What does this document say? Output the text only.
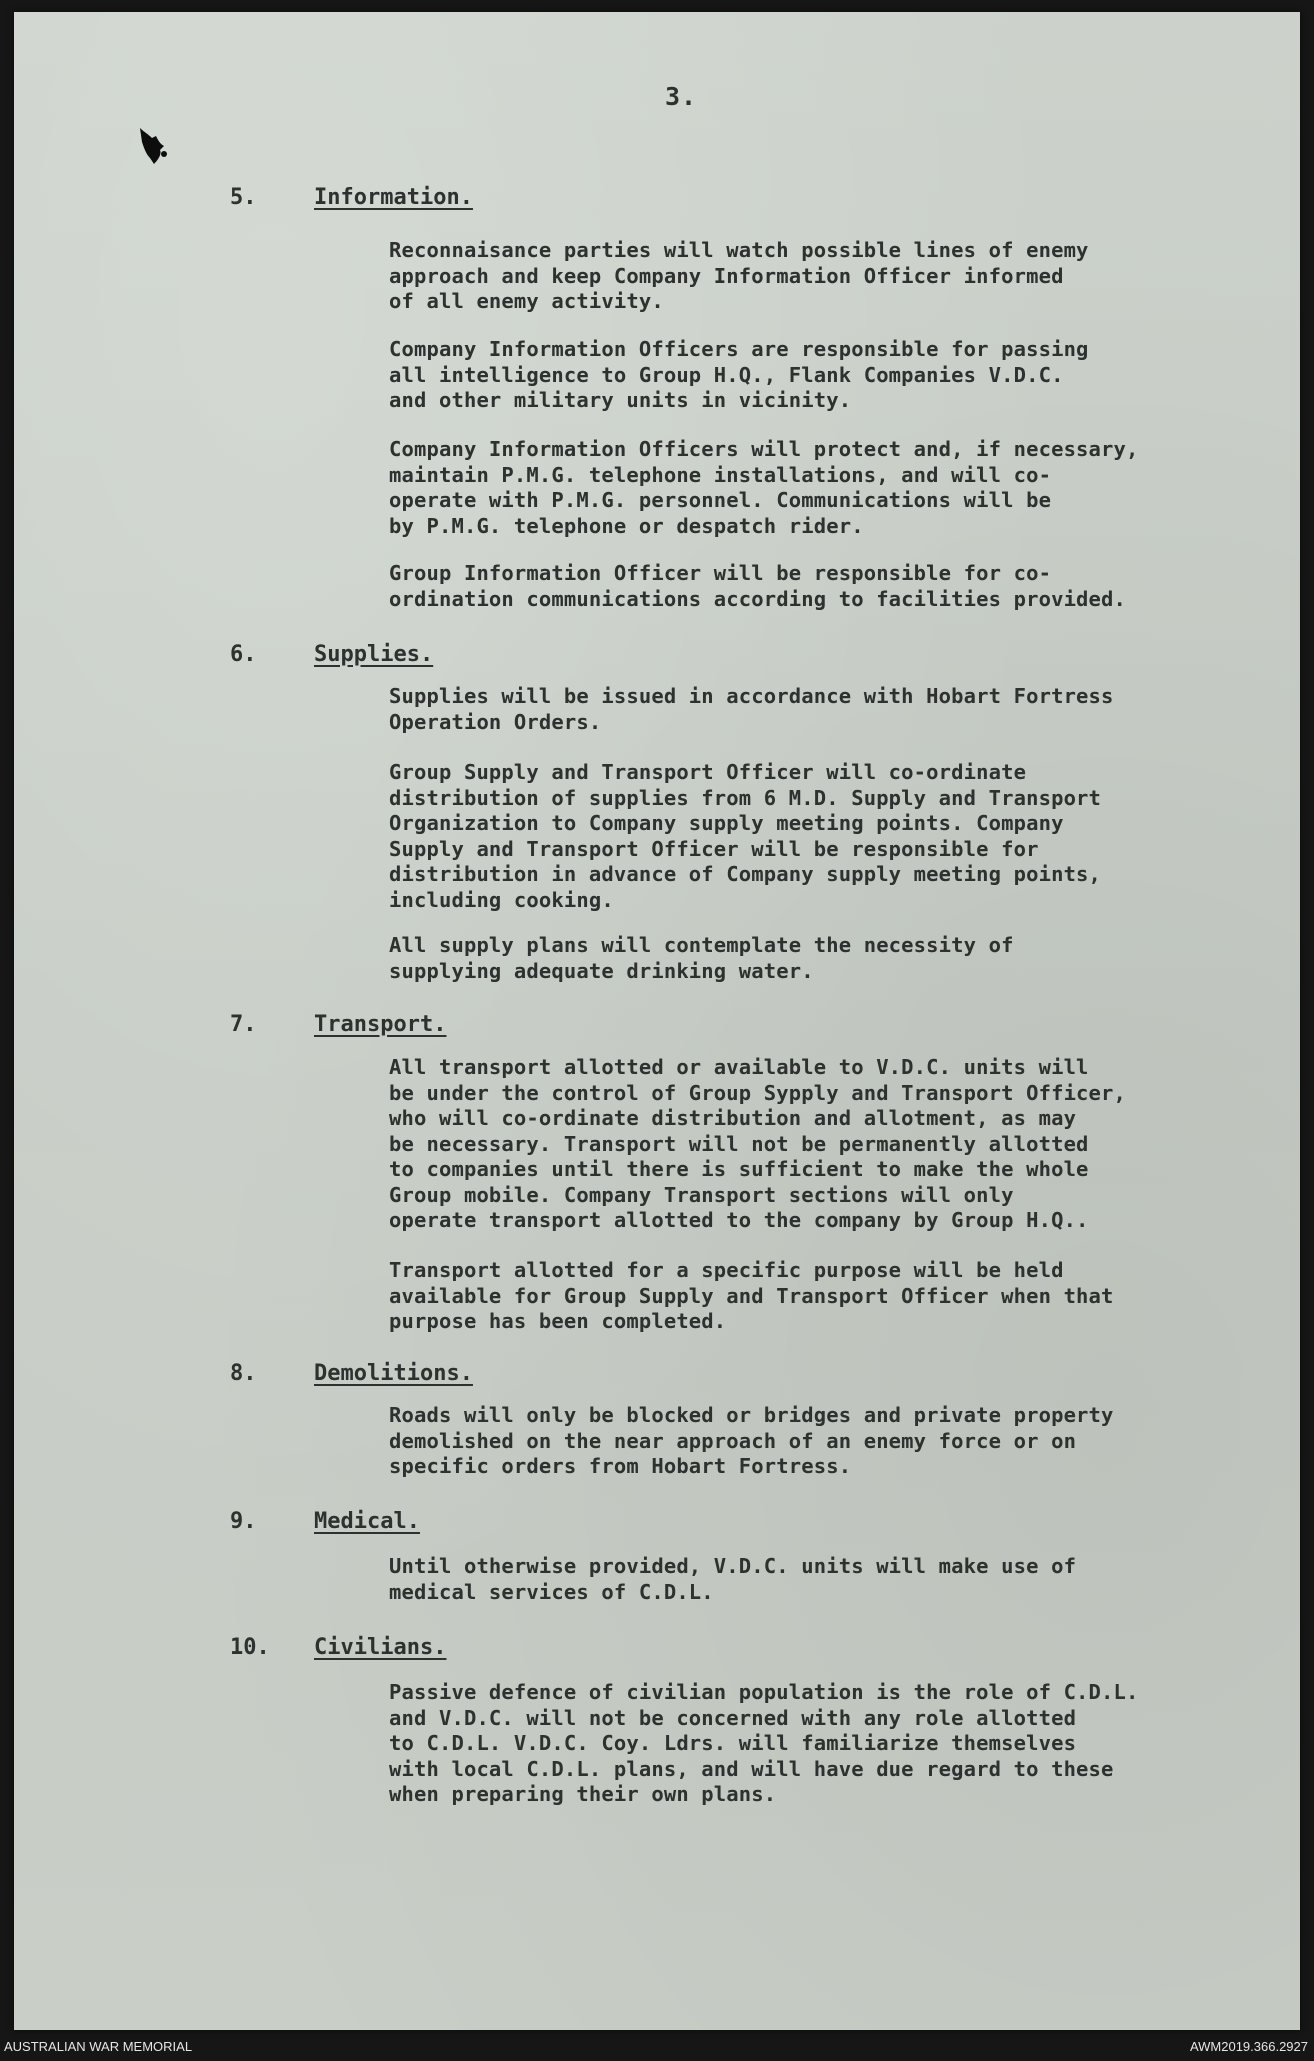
3.
5.	Information.
Reconnaisance parties will watch possible lines of enemy
approach and keep Company Information Officer informed
of all enemy activity.
Company Information Officers are responsible for passing
all intelligence to Group H.Q., Flank Companies V.D.C.
and other military units in vicinity.
Company Information Officers will protect and, if necessary,
maintain P.M.G. telephone installations, and will co-
operate with P.M.G. personnel. Communications will be
by P.M.G. telephone or despatch rider.
Group Information Officer will be responsible for co-
ordination communications according to facilities provided.
6.	Supplies.
Supplies will be issued in accordance with Hobart Fortress
Operation Orders.
Group Supply and Transport Officer will co-ordinate
distribution of supplies from 6 M.D. Supply and Transport
Organization to Company supply meeting points. Company
Supply and Transport Officer will be responsible for
distribution in advance of Company supply meeting points,
including cooking.
All supply plans will contemplate the necessity of
supplying adequate drinking water.
7.	Transport.
All transport allotted or available to V.D.C. units will
be under the control of Group Sypply and Transport Officer,
who will co-ordinate distribution and allotment, as may
be necessary. Transport will not be permanently allotted
to companies until there is sufficient to make the whole
Group mobile. Company Transport sections will only
operate transport allotted to the company by Group H.Q..
Transport allotted for a specific purpose will be held
available for Group Supply and Transport Officer when that
purpose has been completed.
8.	Demolitions.
Roads will only be blocked or bridges and private property
demolished on the near approach of an enemy force or on
specific orders from Hobart Fortress.
9.	Medical.
Until otherwise provided, V.D.C. units will make use of
medical services of C.D.L.
10.	Civilians.
Passive defence of civilian population is the role of C.D.L.
and V.D.C. will not be concerned with any role allotted
to C.D.L. V.D.C. Coy. Ldrs. will familiarize themselves
with local C.D.L. plans, and will have due regard to these
when preparing their own plans.
AUSTRALIAN WAR MEMORIAL	AWM2019.366.2927
